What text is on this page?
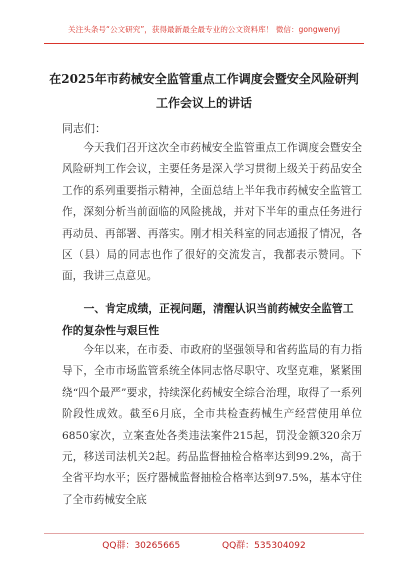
关注头条号“公文研究”，获得最新最全最专业的公文资料库！ 微信：gongwenyj
在2025年市药械安全监管重点工作调度会暨安全风险研判
工作会议上的讲话
同志们：

今天我们召开这次全市药械安全监管重点工作调度会暨安全风险研判工作会议，主要任务是深入学习贯彻上级关于药品安全工作的系列重要指示精神，全面总结上半年我市药械安全监管工作，深刻分析当前面临的风险挑战，并对下半年的重点任务进行再动员、再部署、再落实。刚才相关科室的同志通报了情况，各区（县）局的同志也作了很好的交流发言，我都表示赞同。下面，我讲三点意见。

一、肯定成绩，正视问题，清醒认识当前药械安全监管工作的复杂性与艰巨性

今年以来，在市委、市政府的坚强领导和省药监局的有力指导下，全市市场监管系统全体同志恪尽职守、攻坚克难，紧紧围绕“四个最严”要求，持续深化药械安全综合治理，取得了一系列阶段性成效。截至6月底，全市共检查药械生产经营使用单位6850家次，立案查处各类违法案件215起，罚没金额320余万元，移送司法机关2起。药品监督抽检合格率达到99.2%，高于全省平均水平；医疗器械监督抽检合格率达到97.5%，基本守住了全市药械安全底

QQ群：30265665	QQ群：535304092
